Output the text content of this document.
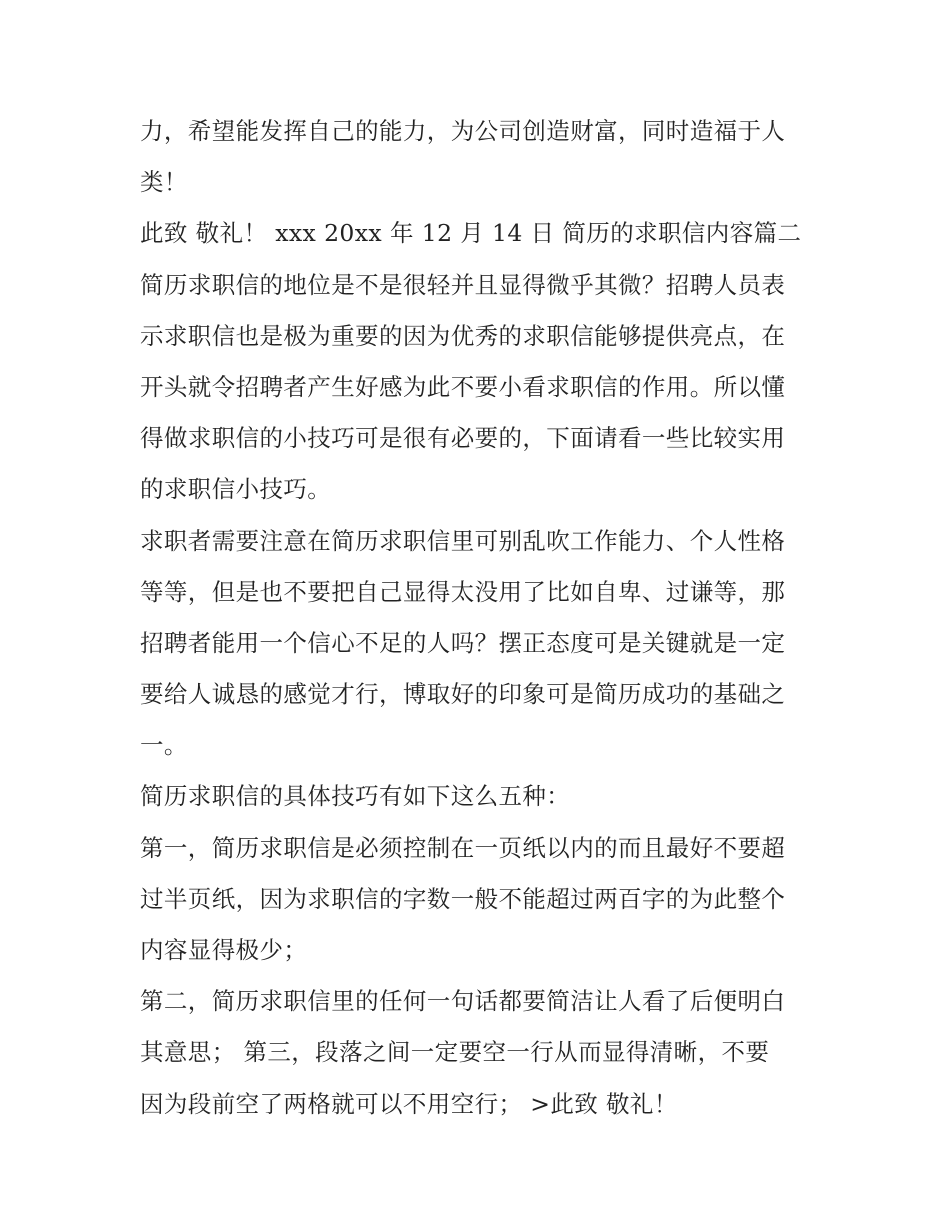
力，希望能发挥自己的能力，为公司创造财富，同时造福于人
类！
此致 敬礼！ xxx 20xx 年 12 月 14 日 简历的求职信内容篇二
简历求职信的地位是不是很轻并且显得微乎其微？招聘人员表
示求职信也是极为重要的因为优秀的求职信能够提供亮点，在
开头就令招聘者产生好感为此不要小看求职信的作用。所以懂
得做求职信的小技巧可是很有必要的，下面请看一些比较实用
的求职信小技巧。
求职者需要注意在简历求职信里可别乱吹工作能力、个人性格
等等，但是也不要把自己显得太没用了比如自卑、过谦等，那
招聘者能用一个信心不足的人吗？摆正态度可是关键就是一定
要给人诚恳的感觉才行，博取好的印象可是简历成功的基础之
一。
简历求职信的具体技巧有如下这么五种：
第一，简历求职信是必须控制在一页纸以内的而且最好不要超
过半页纸，因为求职信的字数一般不能超过两百字的为此整个
内容显得极少；
第二，简历求职信里的任何一句话都要简洁让人看了后便明白
其意思； 第三，段落之间一定要空一行从而显得清晰，不要
因为段前空了两格就可以不用空行； >此致 敬礼！
